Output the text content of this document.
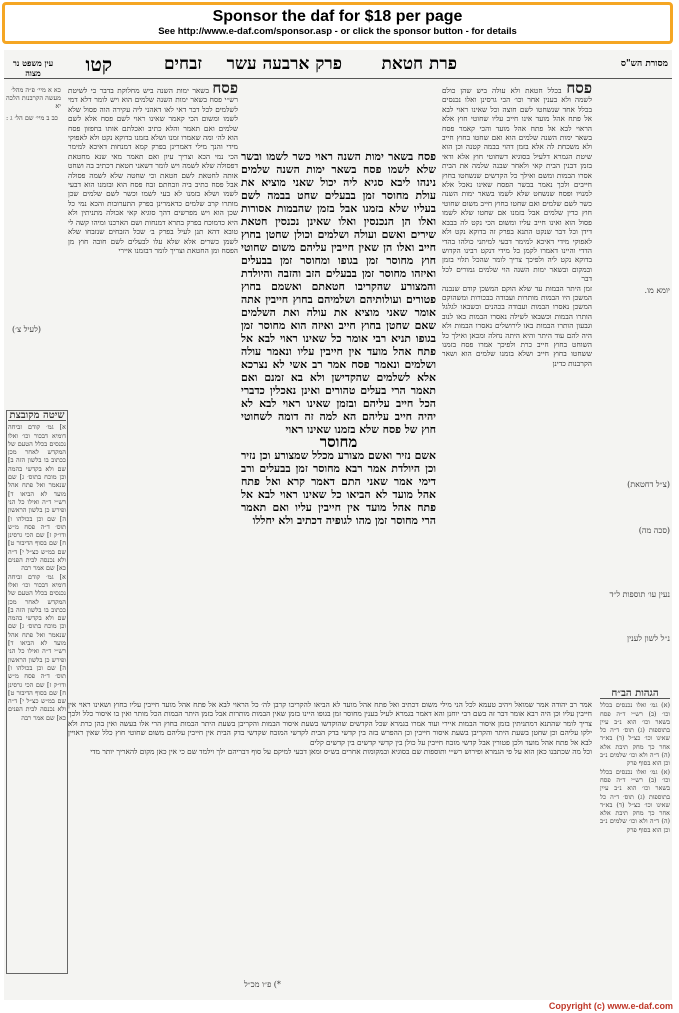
Sponsor the daf for $18 per page
See http://www.e-daf.com/sponsor.asp - or click the sponsor button - for details
מסורת הש"ס
פרת חטאת
פרק ארבעה עשר
זבחים
קטו
עין משפט נר מצוה
כא א מיי׳ פ״ה מהל׳ מעשה הקרבנות הלכה יא
כב ב מיי׳ שם הל׳ ג :
(לעיל צ׳)
שיטה מקובצת

א] גמ׳ קודם זביחה דומיא דבכור וכו׳ ואלו נכנסים בכלל הטעם של המקדש לאחר מכן ככתוב בו בלשון הזה ב] שם ולא בקדשי בהמה וכן מוכח בתוס׳ ג] שם שנאמר ואל פתח אהל מועד לא הביאו ד] רש״י ד״ה ואילו כל הני ופירש כן בלשון הראשון ה] שם וכן בכולהו ו] תוס׳ ד״ה פסח מ״ש ודו״ק ז] שם הכי גרסינן ח] שם בסוף הדיבור ט] שם במ״ש כצ״ל י] ד״ה ולא נכנסה לבית הפנים כא] שם אמר רבה

א] גמ׳ קודם זביחה דומיא דבכור וכו׳ ואלו נכנסים בכלל הטעם של המקדש לאחר מכן ככתוב בו בלשון הזה ב] שם ולא בקדשי בהמה וכן מוכח בתוס׳ ג] שם שנאמר ואל פתח אהל מועד לא הביאו ד] רש״י ד״ה ואילו כל הני ופירש כן בלשון הראשון ה] שם וכן בכולהו ו] תוס׳ ד״ה פסח מ״ש ודו״ק ז] שם הכי גרסינן ח] שם בסוף הדיבור ט] שם במ״ש כצ״ל י] ד״ה ולא נכנסה לבית הפנים כא] שם אמר רבה

יומא מו.
(צ״ל דחטאת)
(סכה מה)
נעין עו׳ תוספות ל״ד
נ״ל לשון לענין
הגהות הב״ח

(א) גמ׳ ואלו נכנסים בכלל וכו׳ (ב) רש״י ד״ה פסח בשאר וכו׳ הוא נ״ב עיין בתוספות (ג) תוס׳ ד״ה כל שאינו וכו׳ כצ״ל (ד) בא״ד אחר כך מחק תיבת אלא (ה) ד״ה ולא וכו׳ שלמים נ״ב וכן הוא בסוף פרק

(א) גמ׳ ואלו נכנסים בכלל וכו׳ (ב) רש״י ד״ה פסח בשאר וכו׳ הוא נ״ב עיין בתוספות (ג) תוס׳ ד״ה כל שאינו וכו׳ כצ״ל (ד) בא״ד אחר כך מחק תיבת אלא (ה) ד״ה ולא וכו׳ שלמים נ״ב וכן הוא בסוף פרק

פסח בכלל חטאת ולא עולה ביש שהן כולם לשמה ולא בענין אחר וכו׳ הכי גרסינן ואלו נכנסים בכלל אחד שנשחטו לשם חוצה וכל שאינו ראוי לבא אל פתח אהל מועד אינו חייב עליו שחוטי חוץ אלא הראוי לבא אל פתח אהל מועד והכי קאמר פסח בשאר ימות השנה שלמים הוא ואם שחטו בחוץ חייב ולא משכחת לה אלא בזמן דהוי בבמה קטנה וכן הוא שיטת הגמרא דלעיל בסוגיא דשחוטי חוץ אלא ודאי בזמן דבנין הבית קאי ולאחר שבנה שלמה את הבית אסרו הבמות ומשם ואילך כל הקדשים שנשחטו בחוץ חייבים ולכך נאמר בבשר הפסח שאינו נאכל אלא למנויו ופסח שנשחט שלא לשמו בשאר ימות השנה כשר לשם שלמים ואם שחטו בחוץ חייב משום שחוטי חוץ כדין שלמים אבל בזמנו אם שחטו שלא לשמו פסול הוא ואינו חייב עליו ומשום הכי נקט לה בבבא דידן וכל דבר שנקט התנא בפרק זה בדוקא נקט ולא לאפוקי מידי דאיכא למימר דבעי למיתני כולהו בהדי הדדי והיינו דאמרו לקמן כל מידי דנקט רבינו הקדוש בדוקא נקט ליה ולפיכך צריך לומר שהכל תלוי בזמן ובמקום ובשאר ימות השנה הוי שלמים גמורים לכל דבר

זמן היתר הבמות עד שלא הוקם המשכן קודם שנבנה המשכן היו הבמות מותרות ועבודה בבכורות ומשהוקם המשכן נאסרו הבמות ועבודה בכהנים וכשבאו לגלגל הותרו הבמות וכשבאו לשילה נאסרו הבמות באו לנוב וגבעון הותרו הבמות באו לירושלים נאסרו הבמות ולא היה להם עוד היתר והיא היתה נחלה ומכאן ואילך כל השוחט בחוץ חייב כרת ולפיכך אמרו פסח בזמנו ששחטו בחוץ חייב ושלא בזמנו שלמים הוא ושאר הקרבנות כדינן

פסח בשאר ימות השנה ביש מחלוקת בדבר כי לשיטת רש״י פסח בשאר ימות השנה שלמים הוא ויש לומר דלא דמי לשלמים לכל דבר דאי לאו דאהני ליה עקירה הוה פסול שלא לשמו ומשום הכי קאמר שאינו ראוי לשם פסח אלא לשם שלמים ואם תאמר והלא כתיב ואכלתם אותו בחפזון פסח הוא לה׳ ומה שאמרו זמנו ושלא בזמנו בדוקא נקט ולא לאפוקי מידי והנך מילי דאמרינן בפרק קמא דמנחות דאיכא למימר הכי נמי הכא וצריך עיון ואם תאמר מאי שנא מחטאת דפסולה שלא לשמה ויש לומר דשאני חטאת דכתיב בה ושחט אותה לחטאת לשם חטאת וכי שחטה שלא לשמה פסולה אבל פסח כתיב ביה וזבחתם זבח פסח הוא ובזמנו הוא דבעי לשמו ושלא בזמנו לא בעי לשמו וכשר לשם שלמים שכן מותרו קרב שלמים כדאמרינן בפרק התערובות והכא נמי כל שכן הוא ויש מפרשים דהך סוגיא קאי אכולה מתניתין ולא היא כדמוכח בפרק בתרא דמנחות ושם הארכנו ומיהו קשה לי טובא דהא תנן לעיל בפרק ב׳ שכל הזבחים שנזבחו שלא לשמן כשרים אלא שלא עלו לבעלים לשם חובה חוץ מן הפסח ומן החטאת וצריך לומר דבזמנו איירי

פסח בשאר ימות השנה ראוי כשר לשמו ובשר שלא לשמו פסח בשאר ימות השנה שלמים נינהו ליבא סגיא ליה יכול שאני מוציא את עולת מחוסר זמן בבעלים שחט בבמה לשם בעליו שלא בזמנו אבל בזמן שהבמות אסורות ואלו הן הנכנסין ואלו שאינן נכנסין חטאת שירים ואשם ועולה ושלמים וכולן שחטן בחוץ חייב ואלו הן שאין חייבין עליהם משום שחוטי חוץ מחוסר זמן בגופו ומחוסר זמן בבעלים ואיזהו מחוסר זמן בבעלים הזב והזבה והיולדת והמצורע שהקריבו חטאתם ואשמם בחוץ פטורים ועולותיהם ושלמיהם בחוץ חייבין אתה אומר שאני מוציא את עולה ואת השלמים שאם שחטן בחוץ חייב ואיזה הוא מחוסר זמן בגופו תניא רבי אומר כל שאינו ראוי לבא אל פתח אהל מועד אין חייבין עליו ונאמר עולה ושלמים ונאמר פסח אמר רב אשי לא נצרכא אלא לשלמים שהקדישן ולא בא זמנם ואם תאמר הרי בעלים טהורים ואינן נאכלין כדברי הכל חייב עליהם ובזמן שאינו ראוי לבא לא יהיה חייב עליהם הא למה זה דומה לשחוטי חוץ של פסח שלא בזמנו שאינו ראוי

מחוסר

אשם נזיר ואשם מצורע מכלל שמצורע וכן נזיר וכן היולדת אמר רבא מחוסר זמן בבעלים ורב דימי אמר שאני התם דאמר קרא ואל פתח אהל מועד לא הביאו כל שאינו ראוי לבא אל פתח אהל מועד אין חייבין עליו ואם תאמר הרי מחוסר זמן מהו לגופיה דכתיב ולא יחללו

אמר רב יהודה אמר שמואל ויהיב טעמא לכל הני מילי משום דכתיב ואל פתח אהל מועד לא הביאו להקריבו קרבן לה׳ כל הראוי לבא אל פתח אהל מועד חייבין עליו בחוץ ושאינו ראוי אין חייבין עליו וכן היה רבא אומר דבר זה בשם רבי יוחנן והא דאמר בגמרא לעיל בענין מחוסר זמן בגופו היינו בזמן שאין הבמות מותרות אבל בזמן היתר הבמות הכל מותר ואין בו איסור כלל ולכך צריך לומר שהתנא דמתניתין בזמן איסור הבמות איירי ועוד אמרו בגמרא שכל הקדשים שהוקדשו בשעת איסור הבמות והקריבן בשעת היתר הבמות בחוץ הרי אלו בעשה ואין בהן כרת ולא ילקו עליהם וכן שחטן בשעת היתר והקריבן בשעת איסור חייבין וכן ההפרש בזה בין קדשי בדק הבית לקדשי המזבח שקדשי בדק הבית אין חייבין עליהם משום שחוטי חוץ כלל שאין ראויין לבא אל פתח אהל מועד ולכן פטורין אבל קדשי מזבח חייבין על כולן בין קדשי קדשים בין קדשים קלים

וכל מה שכתבנו כאן הוא על פי הגמרא ופירוש רש״י ותוספות שם בסוגיא ובמקומות אחרים בש״ס ומאן דבעי למיקם על סוף דבריהם ילך וילמד שם כי אין כאן מקום להאריך יותר מדי

*) פ״ו מכ״ל
Copyright (c) www.e-daf.com
